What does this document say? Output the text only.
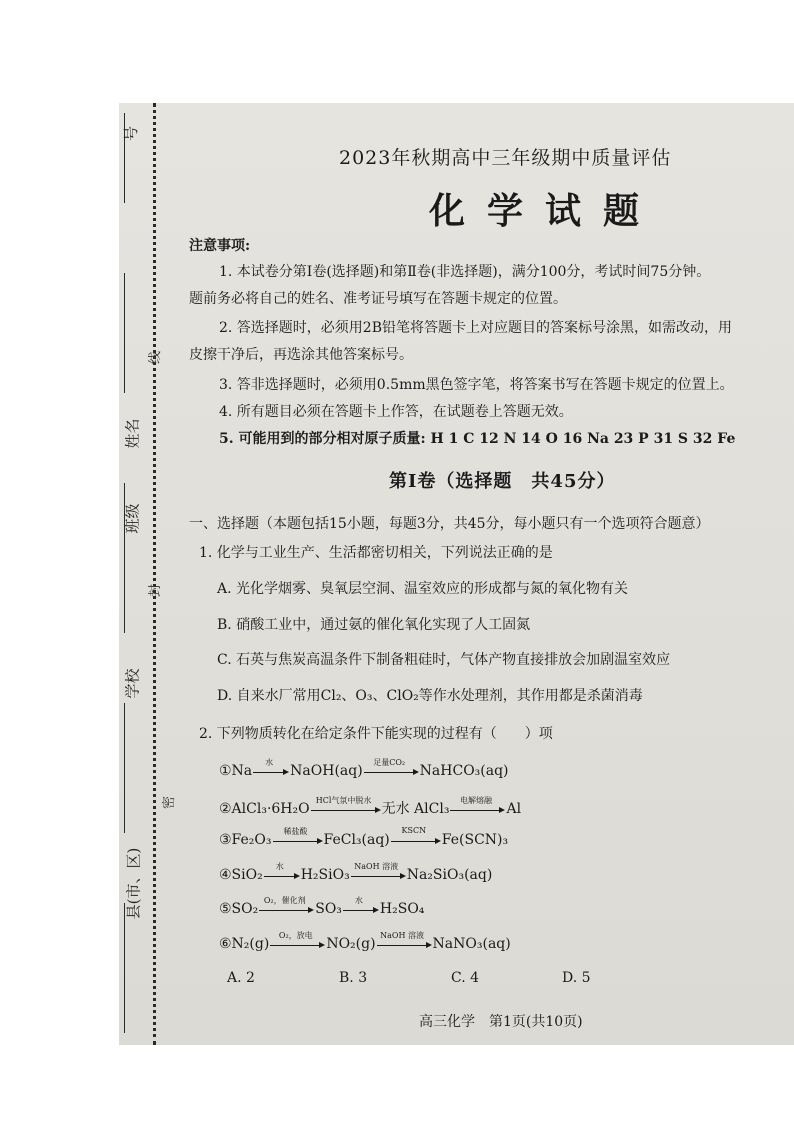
号
姓名
班级
学校
县(市、区)
线
封
密
2023年秋期高中三年级期中质量评估
化学试题
注意事项:
1. 本试卷分第Ⅰ卷(选择题)和第Ⅱ卷(非选择题)，满分100分，考试时间75分钟。
题前务必将自己的姓名、准考证号填写在答题卡规定的位置。
2. 答选择题时，必须用2B铅笔将答题卡上对应题目的答案标号涂黑，如需改动，用
皮擦干净后，再选涂其他答案标号。
3. 答非选择题时，必须用0.5mm黑色签字笔，将答案书写在答题卡规定的位置上。
4. 所有题目必须在答题卡上作答，在试题卷上答题无效。
5. 可能用到的部分相对原子质量: H 1 C 12 N 14 O 16 Na 23 P 31 S 32 Fe
第Ⅰ卷（选择题　共45分）
一、选择题（本题包括15小题，每题3分，共45分，每小题只有一个选项符合题意）
1. 化学与工业生产、生活都密切相关，下列说法正确的是
A. 光化学烟雾、臭氧层空洞、温室效应的形成都与氮的氧化物有关
B. 硝酸工业中，通过氨的催化氧化实现了人工固氮
C. 石英与焦炭高温条件下制备粗硅时，气体产物直接排放会加剧温室效应
D. 自来水厂常用Cl₂、O₃、ClO₂等作水处理剂，其作用都是杀菌消毒
2. 下列物质转化在给定条件下能实现的过程有（　　）项
①Na
水
NaOH(aq)
足量CO₂
NaHCO₃(aq)
②AlCl₃·6H₂O
HCl气氛中脱水
无水 AlCl₃
电解熔融
Al
③Fe₂O₃
稀盐酸
FeCl₃(aq)
KSCN
Fe(SCN)₃
④SiO₂
水
H₂SiO₃
NaOH 溶液
Na₂SiO₃(aq)
⑤SO₂
O₂，催化剂
SO₃
水
H₂SO₄
⑥N₂(g)
O₂，放电
NO₂(g)
NaOH 溶液
NaNO₃(aq)
A. 2	B. 3	C. 4	D. 5
高三化学　第1页(共10页)
